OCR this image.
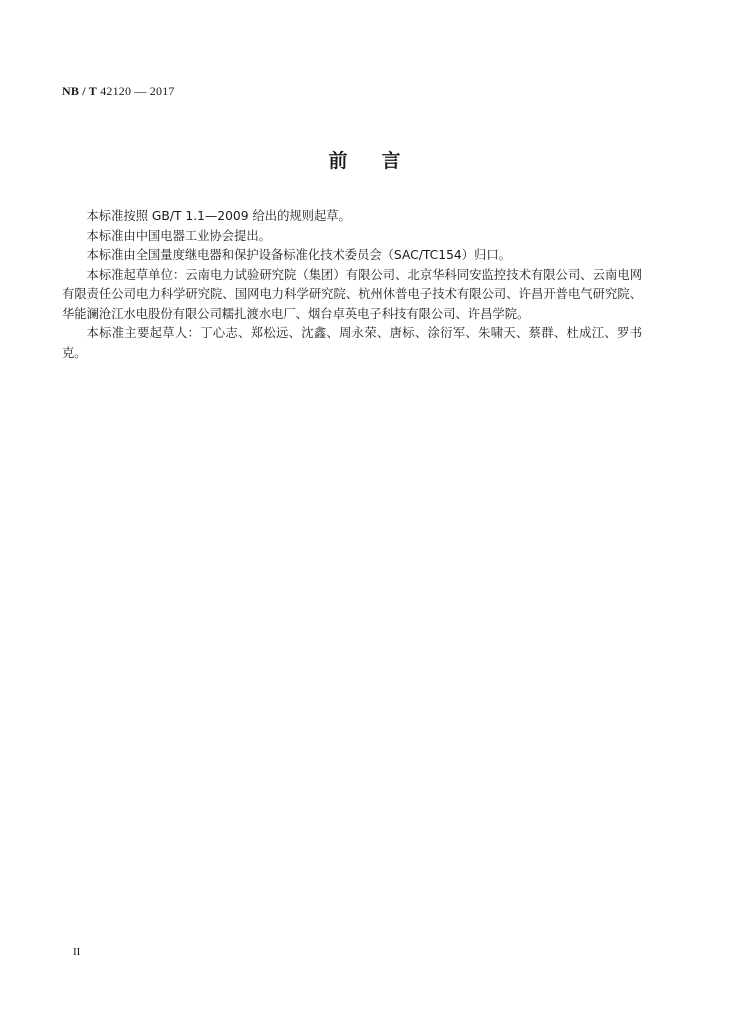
NB / T 42120 — 2017
前 言

本标准按照 GB/T 1.1—2009 给出的规则起草。

本标准由中国电器工业协会提出。

本标准由全国量度继电器和保护设备标准化技术委员会（SAC/TC154）归口。

本标准起草单位：云南电力试验研究院（集团）有限公司、北京华科同安监控技术有限公司、云南电网有限责任公司电力科学研究院、国网电力科学研究院、杭州休普电子技术有限公司、许昌开普电气研究院、华能澜沧江水电股份有限公司糯扎渡水电厂、烟台卓英电子科技有限公司、许昌学院。

本标准主要起草人：丁心志、郑松远、沈鑫、周永荣、唐标、涂衍军、朱啸天、蔡群、杜成江、罗书克。

II
